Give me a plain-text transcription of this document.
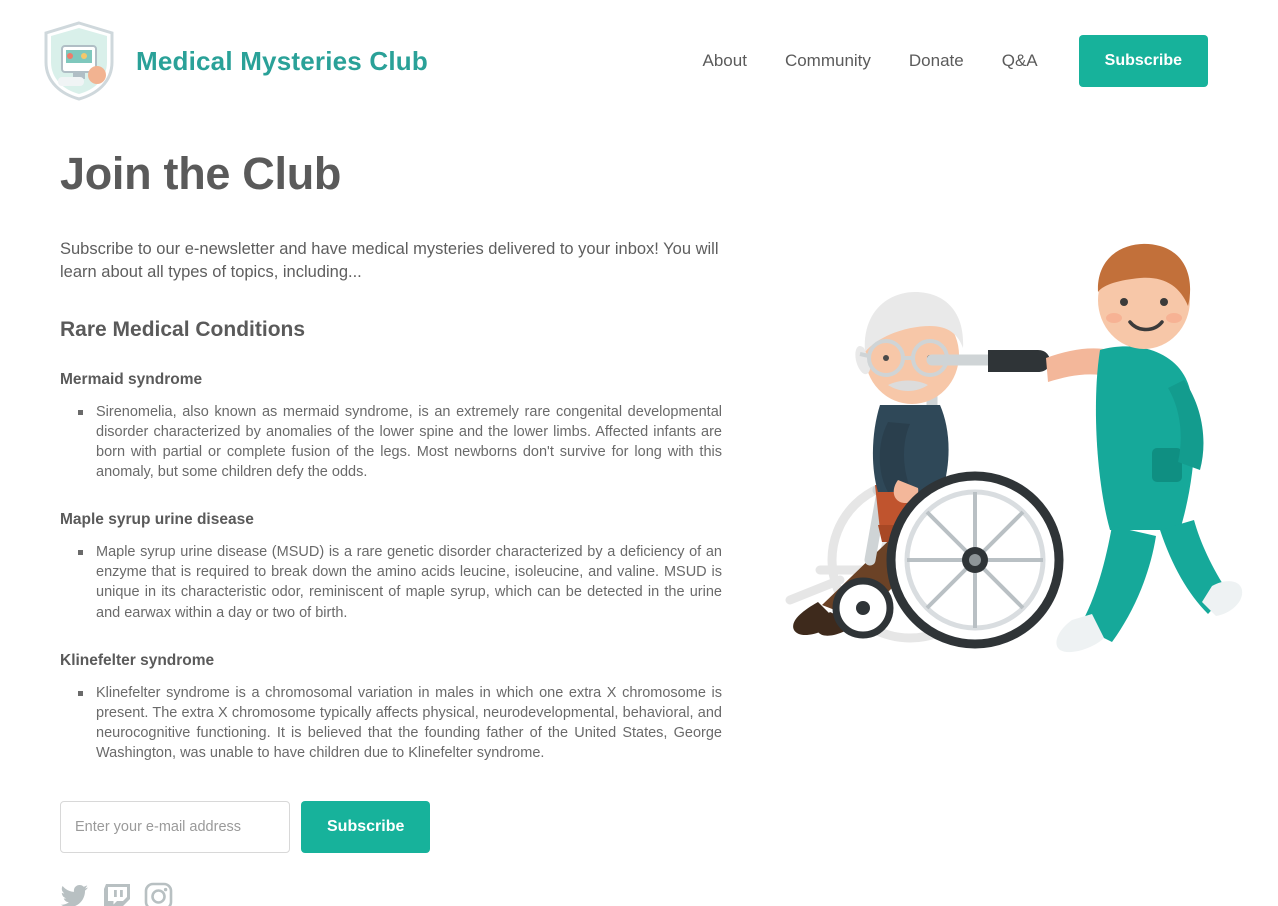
Medical Mysteries Club	About	Community	Donate	Q&A	Subscribe
Join the Club

Subscribe to our e-newsletter and have medical mysteries delivered to your inbox! You will learn about all types of topics, including...

Rare Medical Conditions
Mermaid syndrome
Sirenomelia, also known as mermaid syndrome, is an extremely rare congenital developmental disorder characterized by anomalies of the lower spine and the lower limbs. Affected infants are born with partial or complete fusion of the legs. Most newborns don't survive for long with this anomaly, but some children defy the odds.
Maple syrup urine disease
Maple syrup urine disease (MSUD) is a rare genetic disorder characterized by a deficiency of an enzyme that is required to break down the amino acids leucine, isoleucine, and valine. MSUD is unique in its characteristic odor, reminiscent of maple syrup, which can be detected in the urine and earwax within a day or two of birth.
Klinefelter syndrome
Klinefelter syndrome is a chromosomal variation in males in which one extra X chromosome is present. The extra X chromosome typically affects physical, neurodevelopmental, behavioral, and neurocognitive functioning. It is believed that the founding father of the United States, George Washington, was unable to have children due to Klinefelter syndrome.
Enter your e-mail address
Subscribe
